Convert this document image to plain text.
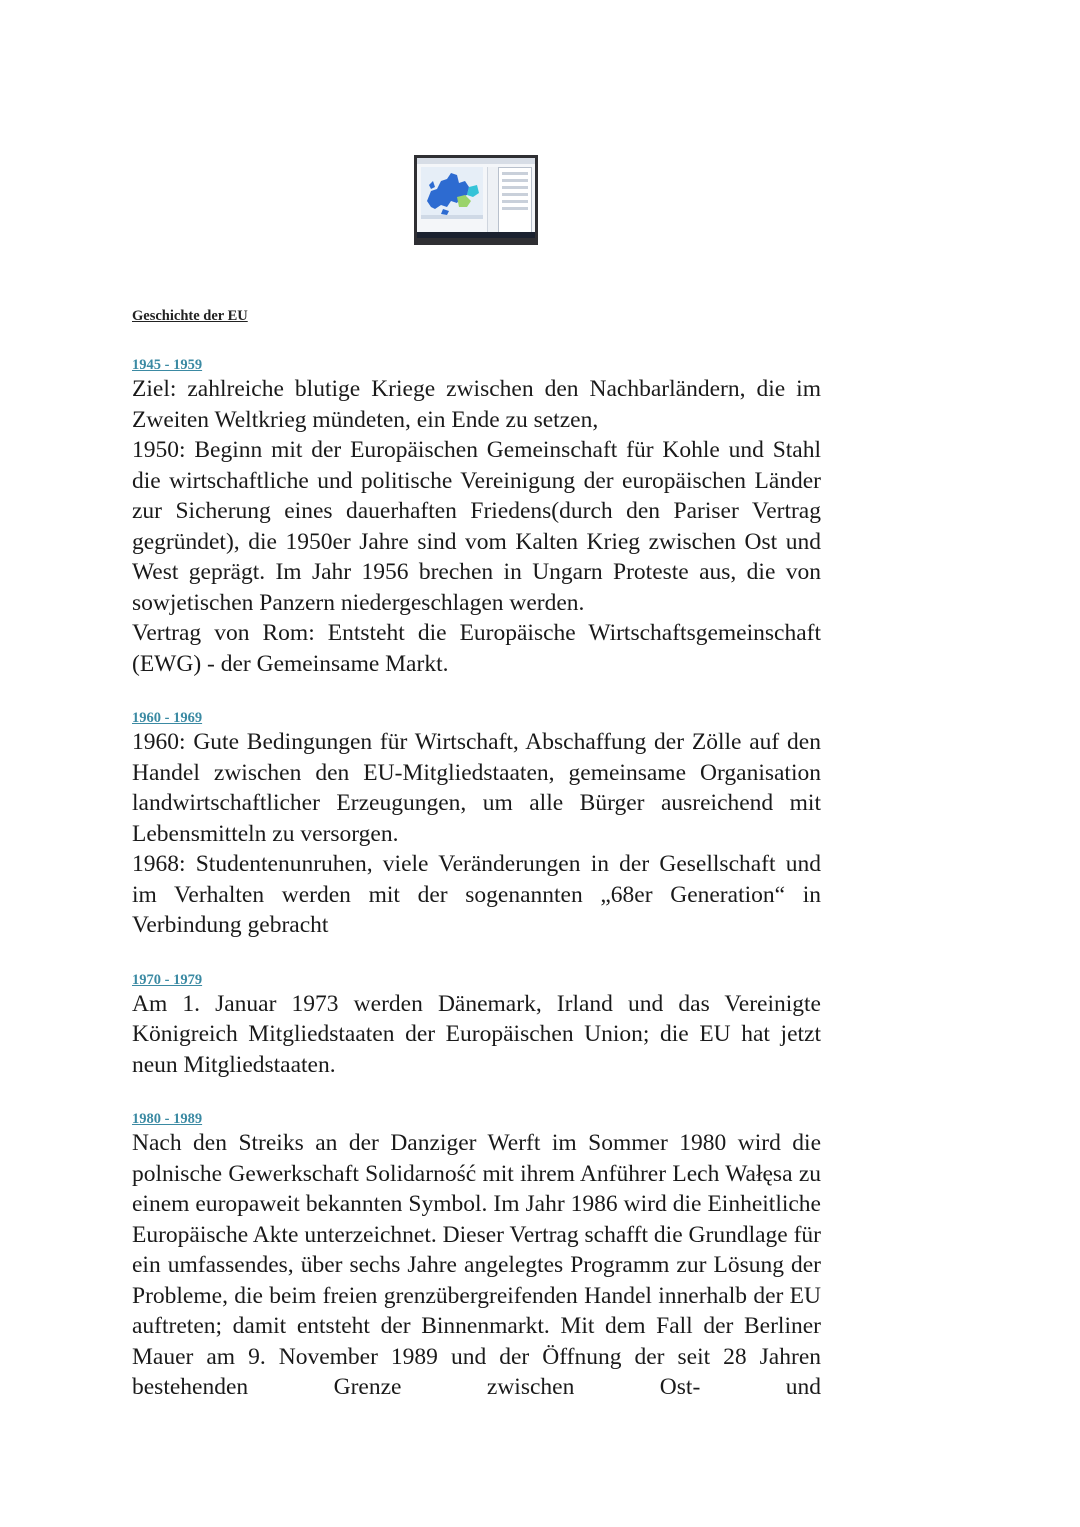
Geschichte der EU
1945 - 1959

Ziel: zahlreiche blutige Kriege zwischen den Nachbarländern, die im Zweiten Weltkrieg mündeten, ein Ende zu setzen,

1950: Beginn mit der Europäischen Gemeinschaft für Kohle und Stahl die wirtschaftliche und politische Vereinigung der europäischen Länder zur Sicherung eines dauerhaften Friedens(durch den Pariser Vertrag gegründet), die 1950er Jahre sind vom Kalten Krieg zwischen Ost und West geprägt. Im Jahr 1956 brechen in Ungarn Proteste aus, die von sowjetischen Panzern niedergeschlagen werden.

Vertrag von Rom: Entsteht die Europäische Wirtschaftsgemeinschaft (EWG) - der Gemeinsame Markt.

1960 - 1969

1960: Gute Bedingungen für Wirtschaft, Abschaffung der Zölle auf den Handel zwischen den EU-Mitgliedstaaten, gemeinsame Organisation landwirtschaftlicher Erzeugungen, um alle Bürger ausreichend mit Lebensmitteln zu versorgen.

1968: Studentenunruhen, viele Veränderungen in der Gesellschaft und im Verhalten werden mit der sogenannten „68er Generation“ in Verbindung gebracht

1970 - 1979

Am 1. Januar 1973 werden Dänemark, Irland und das Vereinigte Königreich Mitgliedstaaten der Europäischen Union; die EU hat jetzt neun Mitgliedstaaten.

1980 - 1989

Nach den Streiks an der Danziger Werft im Sommer 1980 wird die polnische Gewerkschaft Solidarność mit ihrem Anführer Lech Wałęsa zu einem europaweit bekannten Symbol. Im Jahr 1986 wird die Einheitliche Europäische Akte unterzeichnet. Dieser Vertrag schafft die Grundlage für ein umfassendes, über sechs Jahre angelegtes Programm zur Lösung der Probleme, die beim freien grenzübergreifenden Handel innerhalb der EU auftreten; damit entsteht der Binnenmarkt. Mit dem Fall der Berliner Mauer am 9. November 1989 und der Öffnung der seit 28 Jahren bestehenden Grenze zwischen Ost- und
